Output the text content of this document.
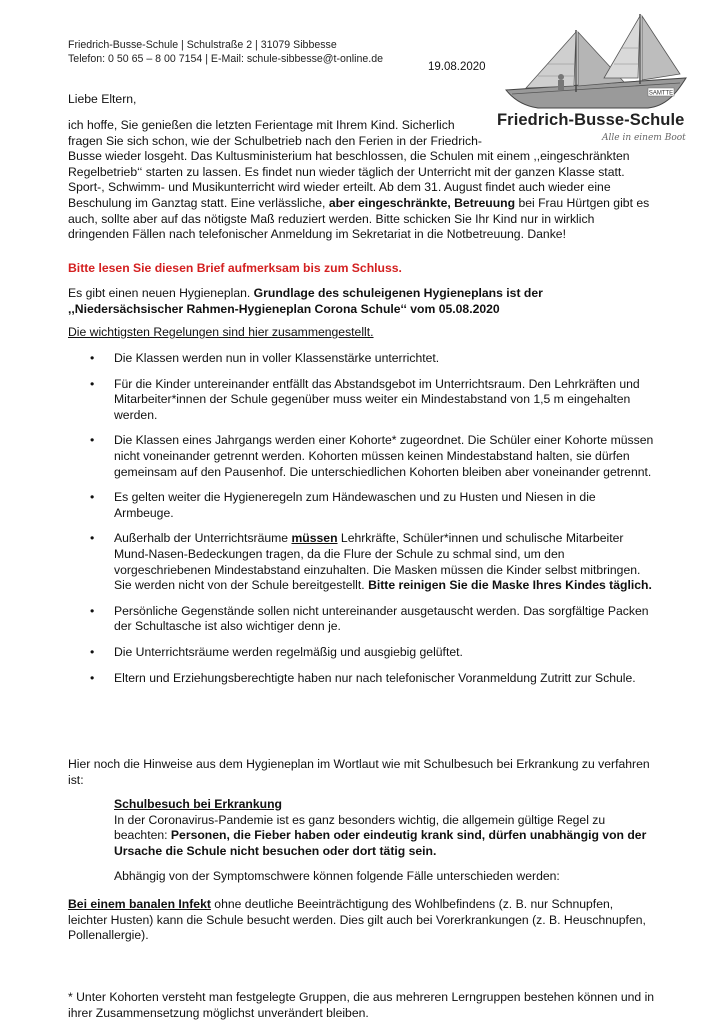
Friedrich-Busse-Schule | Schulstraße 2 | 31079 Sibbesse
Telefon: 0 50 65 – 8 00 7154 | E-Mail: schule-sibbesse@t-online.de
19.08.2020
SAMTTE
Friedrich-Busse-Schule
Alle in einem Boot
Liebe Eltern,

ich hoffe, Sie genießen die letzten Ferientage mit Ihrem Kind. Sicherlich fragen Sie sich schon, wie der Schulbetrieb nach den Ferien in der Friedrich-

Busse wieder losgeht. Das Kultusministerium hat beschlossen, die Schulen mit einem ,,eingeschränkten Regelbetrieb‘‘ starten zu lassen. Es findet nun wieder täglich der Unterricht mit der ganzen Klasse statt. Sport-, Schwimm- und Musikunterricht wird wieder erteilt. Ab dem 31. August findet auch wieder eine Beschulung im Ganztag statt. Eine verlässliche, aber eingeschränkte, Betreuung bei Frau Hürtgen gibt es auch, sollte aber auf das nötigste Maß reduziert werden. Bitte schicken Sie Ihr Kind nur in wirklich dringenden Fällen nach telefonischer Anmeldung im Sekretariat in die Notbetreuung. Danke!

Bitte lesen Sie diesen Brief aufmerksam bis zum Schluss.

Es gibt einen neuen Hygieneplan. Grundlage des schuleigenen Hygieneplans ist der ,,Niedersächsischer Rahmen-Hygieneplan Corona Schule‘‘ vom 05.08.2020

Die wichtigsten Regelungen sind hier zusammengestellt.

• Die Klassen werden nun in voller Klassenstärke unterrichtet.
• Für die Kinder untereinander entfällt das Abstandsgebot im Unterrichtsraum. Den Lehrkräften und Mitarbeiter*innen der Schule gegenüber muss weiter ein Mindestabstand von 1,5 m eingehalten werden.
• Die Klassen eines Jahrgangs werden einer Kohorte* zugeordnet. Die Schüler einer Kohorte müssen nicht voneinander getrennt werden. Kohorten müssen keinen Mindestabstand halten, sie dürfen gemeinsam auf den Pausenhof. Die unterschiedlichen Kohorten bleiben aber voneinander getrennt.
• Es gelten weiter die Hygieneregeln zum Händewaschen und zu Husten und Niesen in die Armbeuge.
• Außerhalb der Unterrichtsräume müssen Lehrkräfte, Schüler*innen und schulische Mitarbeiter Mund-Nasen-Bedeckungen tragen, da die Flure der Schule zu schmal sind, um den vorgeschriebenen Mindestabstand einzuhalten. Die Masken müssen die Kinder selbst mitbringen. Sie werden nicht von der Schule bereitgestellt. Bitte reinigen Sie die Maske Ihres Kindes täglich.
• Persönliche Gegenstände sollen nicht untereinander ausgetauscht werden. Das sorgfältige Packen der Schultasche ist also wichtiger denn je.
• Die Unterrichtsräume werden regelmäßig und ausgiebig gelüftet.
• Eltern und Erziehungsberechtigte haben nur nach telefonischer Voranmeldung Zutritt zur Schule.

Hier noch die Hinweise aus dem Hygieneplan im Wortlaut wie mit Schulbesuch bei Erkrankung zu verfahren ist:

Schulbesuch bei Erkrankung

In der Coronavirus-Pandemie ist es ganz besonders wichtig, die allgemein gültige Regel zu beachten: Personen, die Fieber haben oder eindeutig krank sind, dürfen unabhängig von der Ursache die Schule nicht besuchen oder dort tätig sein.

Abhängig von der Symptomschwere können folgende Fälle unterschieden werden:

Bei einem banalen Infekt ohne deutliche Beeinträchtigung des Wohlbefindens (z. B. nur Schnupfen, leichter Husten) kann die Schule besucht werden. Dies gilt auch bei Vorerkrankungen (z. B. Heuschnupfen, Pollenallergie).

* Unter Kohorten versteht man festgelegte Gruppen, die aus mehreren Lerngruppen bestehen können und in ihrer Zusammensetzung möglichst unverändert bleiben.
